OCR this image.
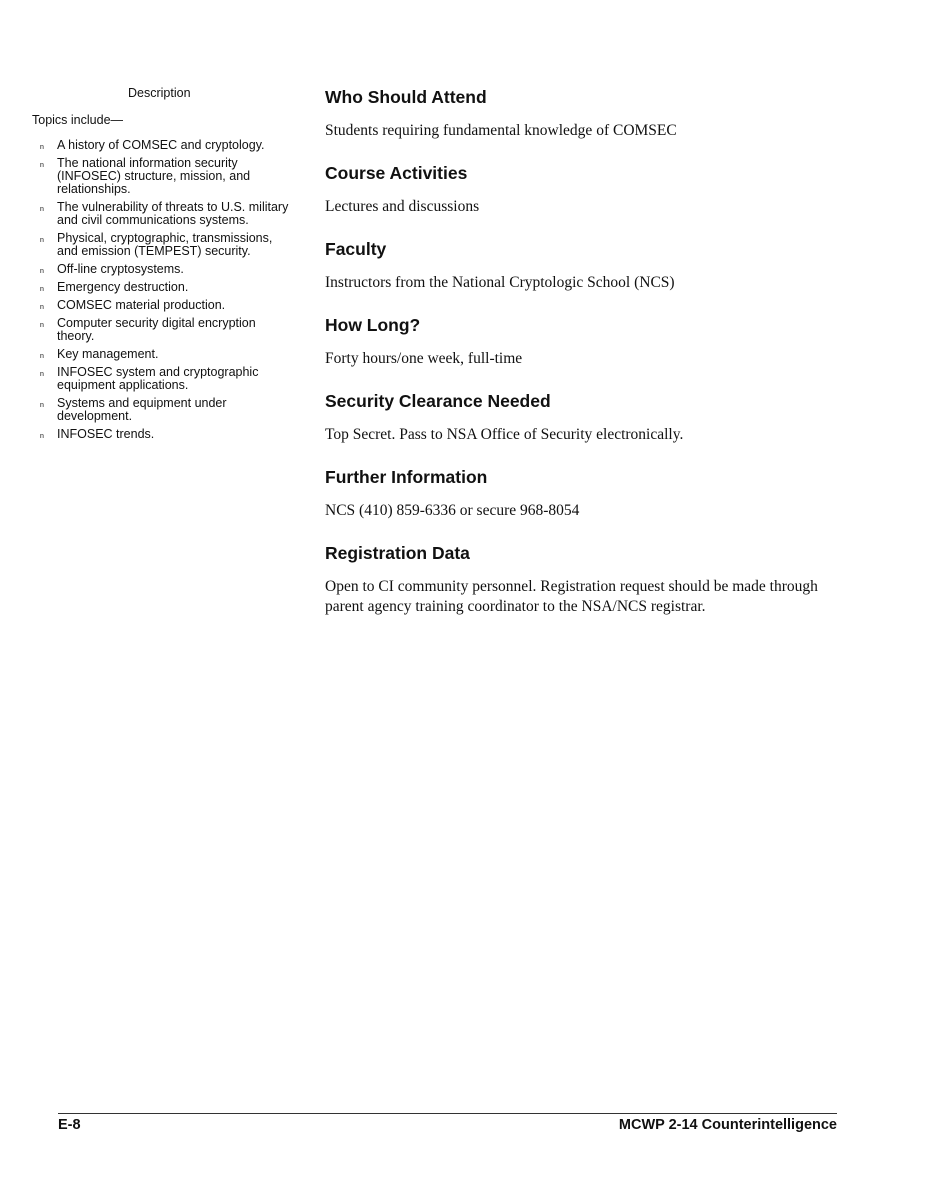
Description
Topics include—
n A history of COMSEC and cryptology.
n The national information security (INFOSEC) structure, mission, and relationships.
n The vulnerability of threats to U.S. military and civil communications systems.
n Physical, cryptographic, transmissions, and emission (TEMPEST) security.
n Off-line cryptosystems.
n Emergency destruction.
n COMSEC material production.
n Computer security digital encryption theory.
n Key management.
n INFOSEC system and cryptographic equipment applications.
n Systems and equipment under development.
n INFOSEC trends.
Who Should Attend

Students requiring fundamental knowledge of COMSEC

Course Activities

Lectures and discussions

Faculty

Instructors from the National Cryptologic School (NCS)

How Long?

Forty hours/one week, full-time

Security Clearance Needed

Top Secret. Pass to NSA Office of Security electronically.

Further Information

NCS (410) 859-6336 or secure 968-8054

Registration Data

Open to CI community personnel. Registration request should be made through parent agency training coordinator to the NSA/NCS registrar.

E-8	MCWP 2-14 Counterintelligence
